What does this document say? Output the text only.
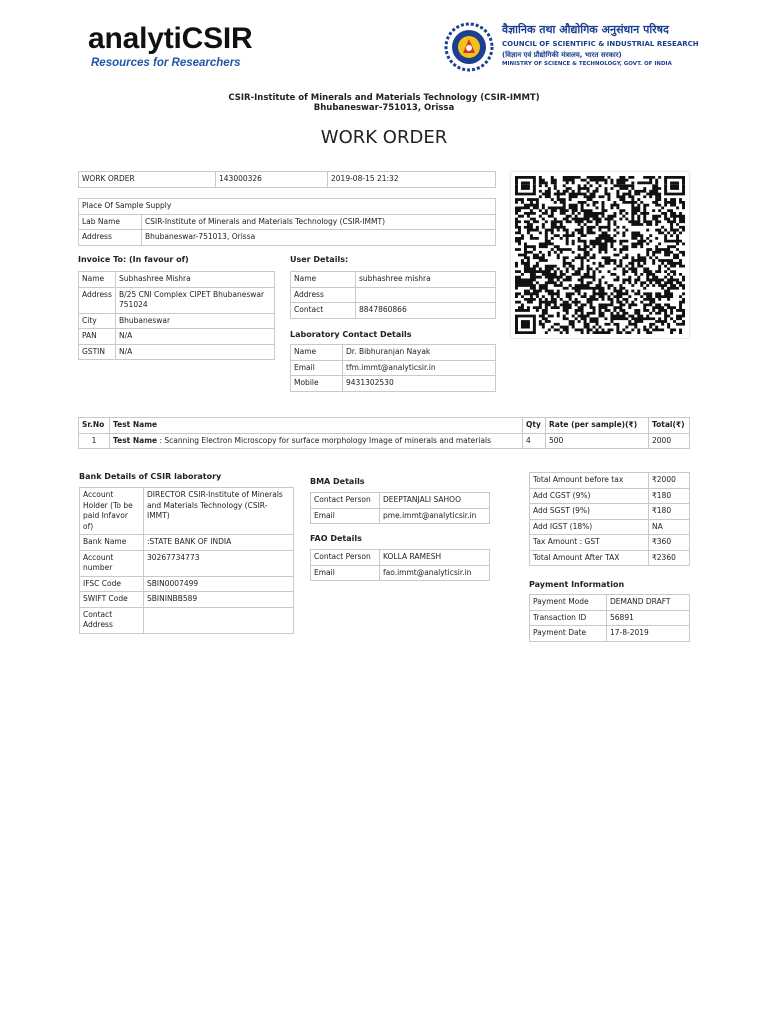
analytiCSIR
Resources for Researchers
वैज्ञानिक तथा औद्योगिक अनुसंधान परिषद
COUNCIL OF SCIENTIFIC & INDUSTRIAL RESEARCH
(विज्ञान एवं प्रौद्योगिकी मंत्रालय, भारत सरकार)
MINISTRY OF SCIENCE & TECHNOLOGY, GOVT. OF INDIA
CSIR-Institute of Minerals and Materials Technology (CSIR-IMMT)
Bhubaneswar-751013, Orissa
WORK ORDER
WORK ORDER	143000326	2019-08-15 21:32
Place Of Sample Supply	
Lab Name	CSIR-Institute of Minerals and Materials Technology (CSIR-IMMT)
Address	Bhubaneswar-751013, Orissa
Invoice To: (In favour of)
Name	Subhashree Mishra
Address	B/25 CNI Complex CIPET Bhubaneswar 751024
City	Bhubaneswar
PAN	N/A
GSTIN	N/A
User Details:
Name	subhashree mishra
Address	
Contact	8847860866
Laboratory Contact Details
Name	Dr. Bibhuranjan Nayak
Email	tfm.immt@analyticsir.in
Mobile	9431302530
Sr.No	Test Name	Qty	Rate (per sample)(₹)	Total(₹)
1	Test Name : Scanning Electron Microscopy for surface morphology Image of minerals and materials	4	500	2000
Bank Details of CSIR laboratory
Account Holder (To be paid Infavor of)	DIRECTOR CSIR-Institute of Minerals and Materials Technology (CSIR-IMMT)
Bank Name	:STATE BANK OF INDIA
Account number	30267734773
IFSC Code	SBIN0007499
SWIFT Code	SBININBB589
Contact Address	
BMA Details
Contact Person	DEEPTANJALI SAHOO
Email	pme.immt@analyticsir.in
FAO Details
Contact Person	KOLLA RAMESH
Email	fao.immt@analyticsir.in
Total Amount before tax	₹2000
Add CGST (9%)	₹180
Add SGST (9%)	₹180
Add IGST (18%)	NA
Tax Amount : GST	₹360
Total Amount After TAX	₹2360
Payment Information
Payment Mode	DEMAND DRAFT
Transaction ID	56891
Payment Date	17-8-2019
